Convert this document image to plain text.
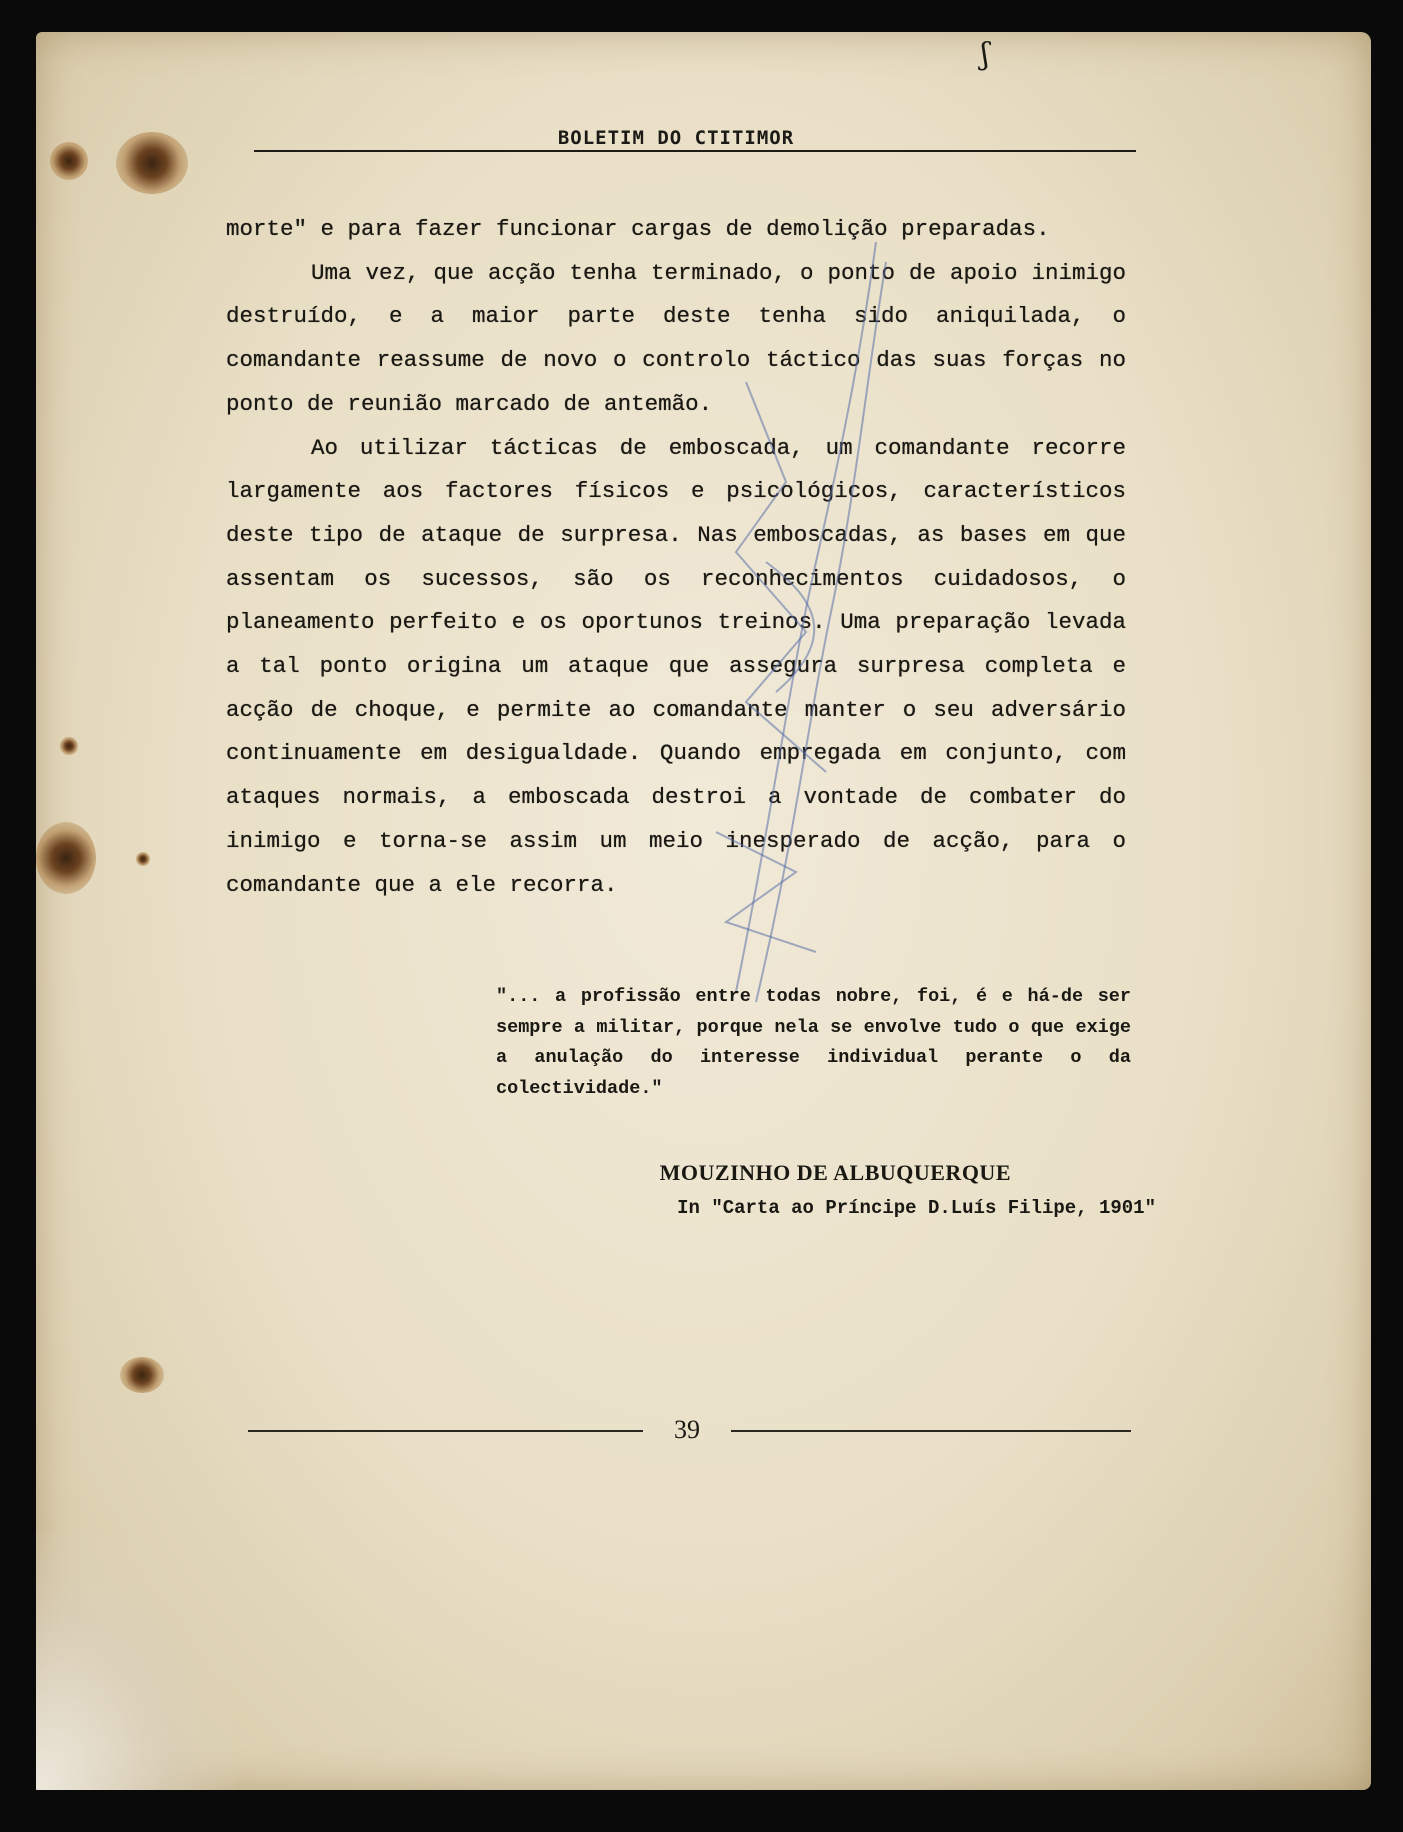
ʃ
BOLETIM DO CTITIMOR

morte" e para fazer funcionar cargas de demolição preparadas.

Uma vez, que acção tenha terminado, o ponto de apoio inimigo destruído, e a maior parte deste tenha sido aniquilada, o comandante reassume de novo o controlo táctico das suas forças no ponto de reunião marcado de antemão.

Ao utilizar tácticas de emboscada, um comandante recorre largamente aos factores físicos e psicológicos, característicos deste tipo de ataque de surpresa. Nas emboscadas, as bases em que assentam os sucessos, são os reconhecimentos cuidadosos, o planeamento perfeito e os oportunos treinos. Uma preparação levada a tal ponto origina um ataque que assegura surpresa completa e acção de choque, e permite ao comandante manter o seu adversário continuamente em desigualdade. Quando empregada em conjunto, com ataques normais, a emboscada destroi a vontade de combater do inimigo e torna-se assim um meio inesperado de acção, para o comandante que a ele recorra.

"... a profissão entre todas nobre, foi, é e há-de ser sempre a militar, porque nela se envolve tudo o que exige a anulação do interesse individual perante o da colectividade."
MOUZINHO DE ALBUQUERQUE
In "Carta ao Príncipe D.Luís Filipe, 1901"
39
